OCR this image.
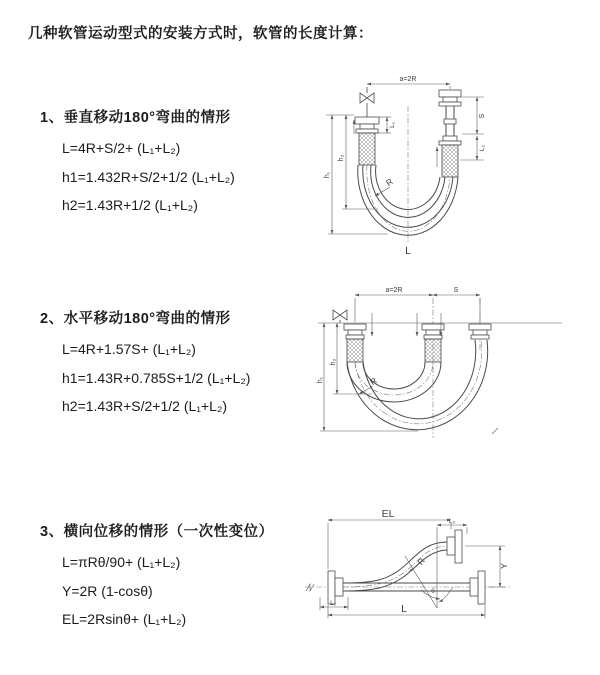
几种软管运动型式的安装方式时，软管的长度计算：
1、垂直移动180°弯曲的情形
L=4R+S/2+ (L₁+L₂)
h1=1.432R+S/2+1/2 (L₁+L₂)
h2=1.43R+1/2 (L₁+L₂)
2、水平移动180°弯曲的情形
L=4R+1.57S+ (L₁+L₂)
h1=1.43R+0.785S+1/2 (L₁+L₂)
h2=1.43R+S/2+1/2 (L₁+L₂)
3、横向位移的情形（一次性变位）
L=πRθ/90+ (L₁+L₂)
Y=2R (1-cosθ)
EL=2Rsinθ+ (L₁+L₂)
a=2R
h₁
h₂
L₁
S
L₂
R
L
a=2R	S
h₁
h₂
R
EL
L₂
Y
L
L₁
R
θ
